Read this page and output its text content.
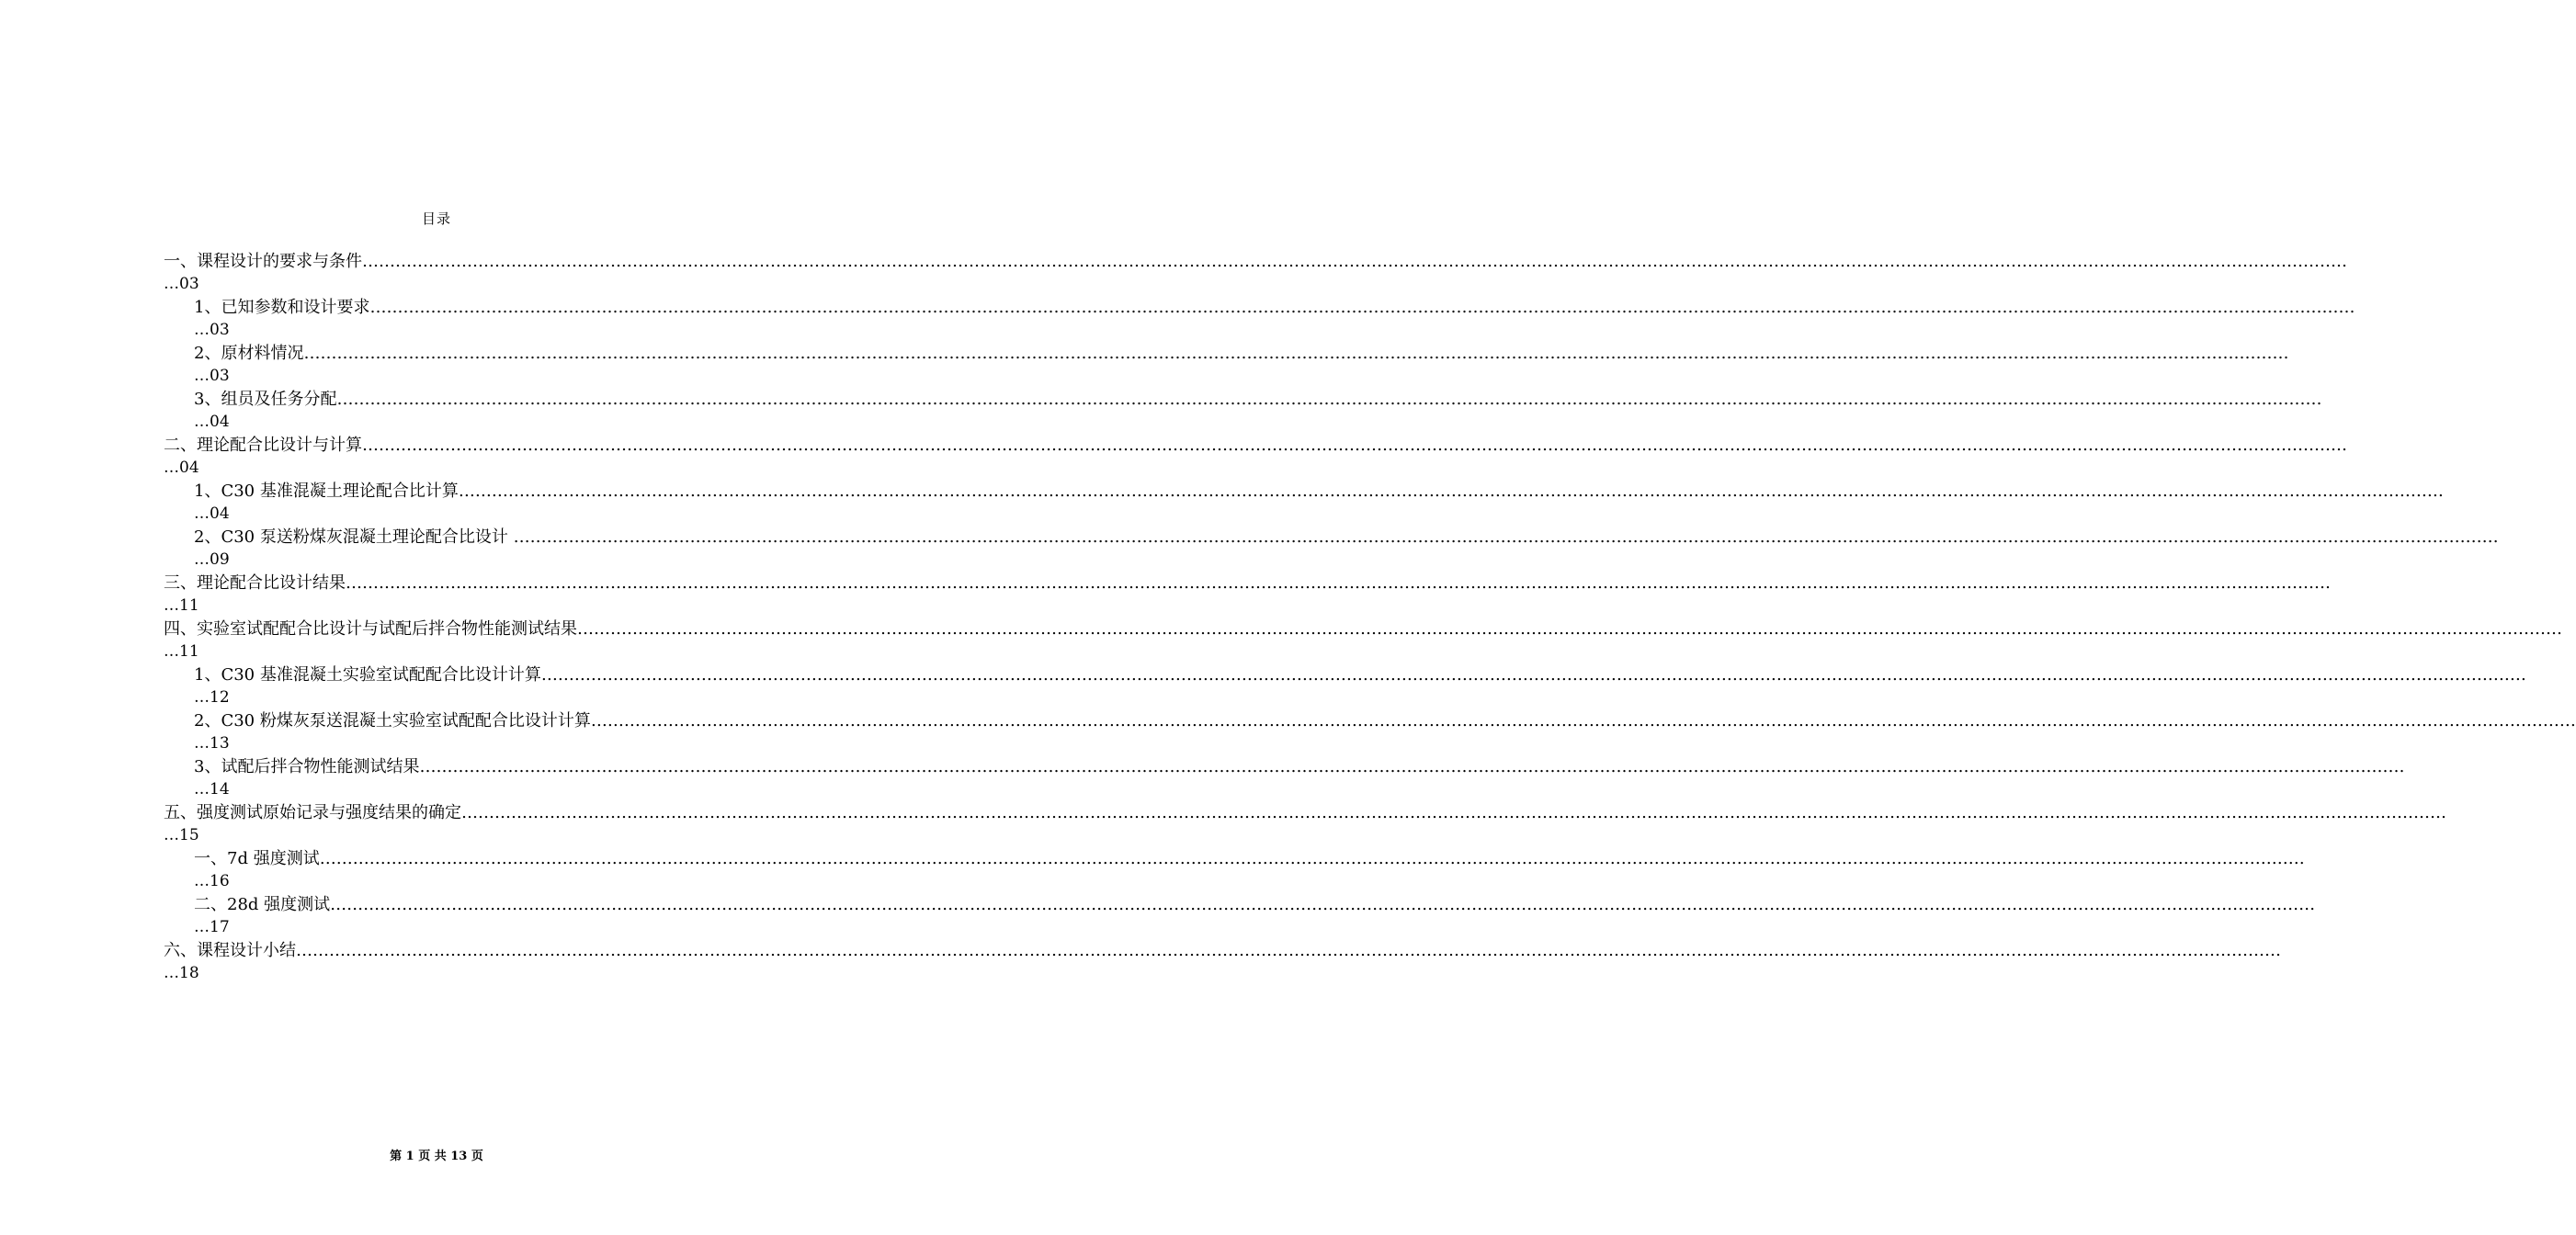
目录
一、课程设计的要求与条件………………………………………………………………………………………………………………………………………………………………………………………………………………………………………………………………………………………………………………………………
…03
1、已知参数和设计要求………………………………………………………………………………………………………………………………………………………………………………………………………………………………………………………………………………………………………………………………
…03
2、原材料情况………………………………………………………………………………………………………………………………………………………………………………………………………………………………………………………………………………………………………………………………
…03
3、组员及任务分配………………………………………………………………………………………………………………………………………………………………………………………………………………………………………………………………………………………………………………………………
…04
二、理论配合比设计与计算………………………………………………………………………………………………………………………………………………………………………………………………………………………………………………………………………………………………………………………………
…04
1、C30 基准混凝土理论配合比计算………………………………………………………………………………………………………………………………………………………………………………………………………………………………………………………………………………………………………………………………
…04
2、C30 泵送粉煤灰混凝土理论配合比设计 ………………………………………………………………………………………………………………………………………………………………………………………………………………………………………………………………………………………………………………………………
…09
三、理论配合比设计结果………………………………………………………………………………………………………………………………………………………………………………………………………………………………………………………………………………………………………………………………
…11
四、实验室试配配合比设计与试配后拌合物性能测试结果………………………………………………………………………………………………………………………………………………………………………………………………………………………………………………………………………………………………………………………………
…11
1、C30 基准混凝土实验室试配配合比设计计算………………………………………………………………………………………………………………………………………………………………………………………………………………………………………………………………………………………………………………………………
…12
2、C30 粉煤灰泵送混凝土实验室试配配合比设计计算………………………………………………………………………………………………………………………………………………………………………………………………………………………………………………………………………………………………………………………………
…13
3、试配后拌合物性能测试结果………………………………………………………………………………………………………………………………………………………………………………………………………………………………………………………………………………………………………………………………
…14
五、强度测试原始记录与强度结果的确定………………………………………………………………………………………………………………………………………………………………………………………………………………………………………………………………………………………………………………………………
…15
一、7d 强度测试………………………………………………………………………………………………………………………………………………………………………………………………………………………………………………………………………………………………………………………………
…16
二、28d 强度测试………………………………………………………………………………………………………………………………………………………………………………………………………………………………………………………………………………………………………………………………
…17
六、课程设计小结………………………………………………………………………………………………………………………………………………………………………………………………………………………………………………………………………………………………………………………………
…18
第 1 页 共 13 页
